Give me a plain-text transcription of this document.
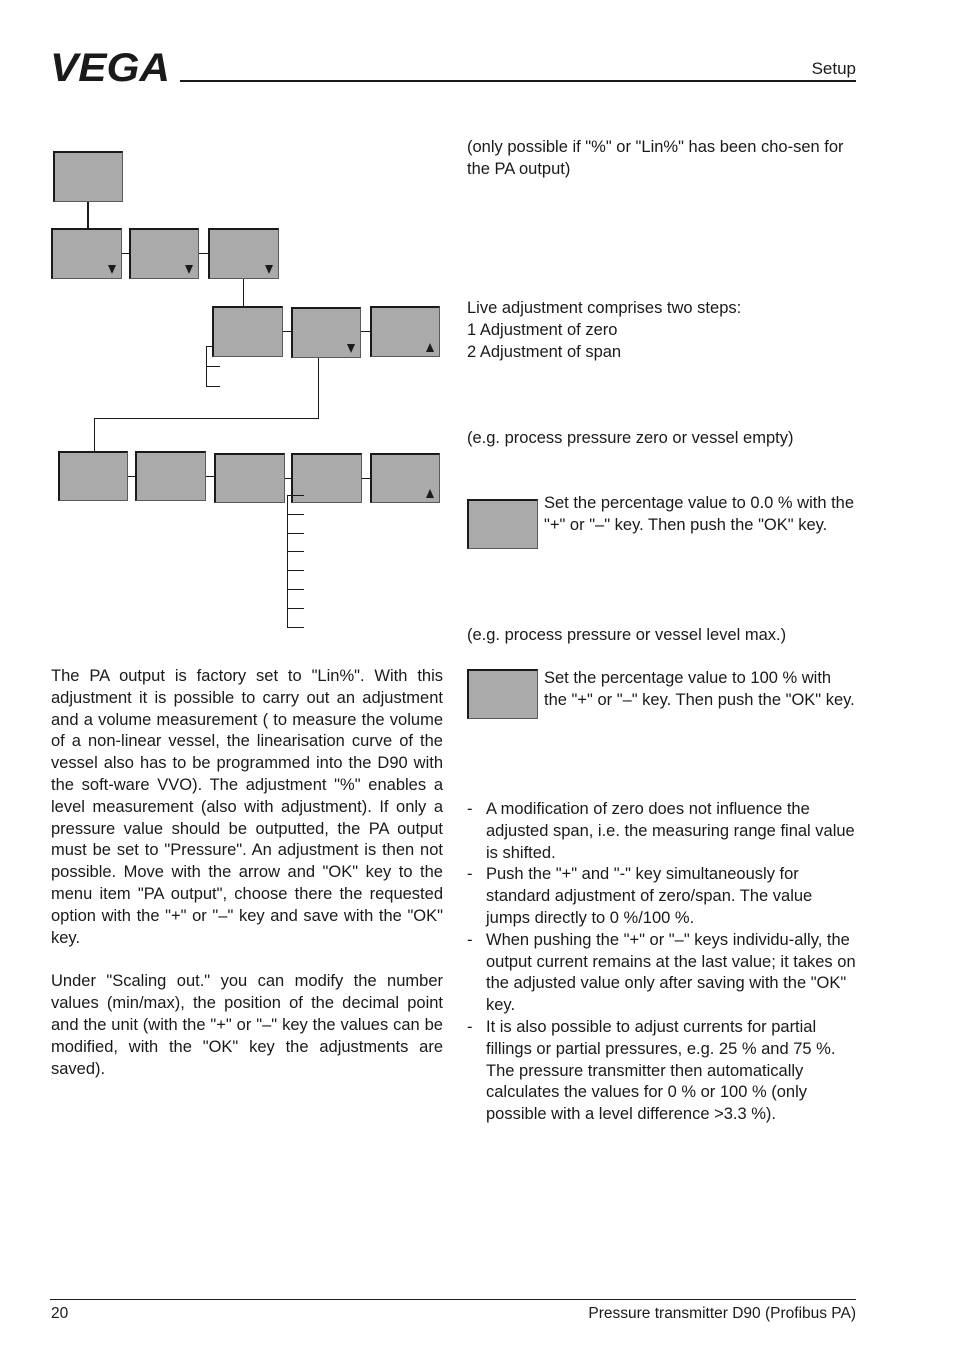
VEGA	Setup

The PA output is factory set to "Lin%". With this adjustment it is possible to carry out an adjustment and a volume measurement ( to measure the volume of a non-linear vessel, the linearisation curve of the vessel also has to be programmed into the D90 with the soft-ware VVO). The adjustment "%" enables a level measurement (also with adjustment). If only a pressure value should be outputted, the PA output must be set to "Pressure". An adjustment is then not possible. Move with the arrow and "OK" key to the menu item "PA output", choose there the requested option with the "+" or "–" key and save with the "OK" key.

Under "Scaling out." you can modify the number values (min/max), the position of the decimal point and the unit (with the "+" or "–" key the values can be modified, with the "OK" key the adjustments are saved).

(only possible if "%" or "Lin%" has been cho-sen for the PA output)
Live adjustment comprises two steps:
1 Adjustment of zero
2 Adjustment of span
(e.g. process pressure zero or vessel empty)
Set the percentage value to 0.0 % with the "+" or "–" key. Then push the "OK" key.
(e.g. process pressure or vessel level max.)
Set the percentage value to 100 % with the "+" or "–" key. Then push the "OK" key.
- A modification of zero does not influence the adjusted span, i.e. the measuring range final value is shifted.
- Push the "+" and "-" key simultaneously for standard adjustment of zero/span. The value jumps directly to 0 %/100 %.
- When pushing the "+" or "–" keys individu-ally, the output current remains at the last value; it takes on the adjusted value only after saving with the "OK" key.
- It is also possible to adjust currents for partial fillings or partial pressures, e.g. 25 % and 75 %. The pressure transmitter then automatically calculates the values for 0 % or 100 % (only possible with a level difference >3.3 %).
20	Pressure transmitter D90 (Profibus PA)
